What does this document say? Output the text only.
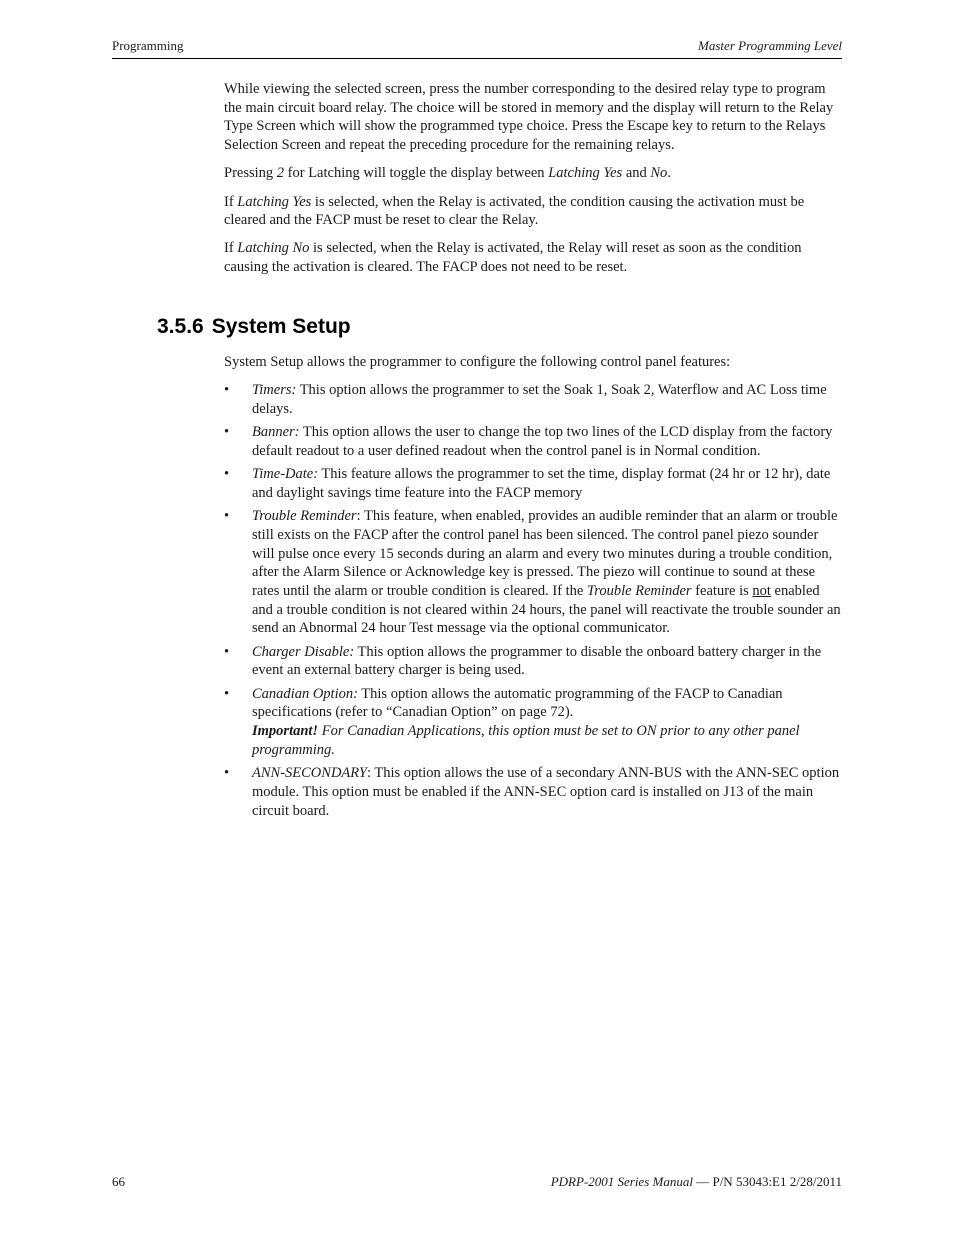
Programming	Master Programming Level

While viewing the selected screen, press the number corresponding to the desired relay type to program the main circuit board relay. The choice will be stored in memory and the display will return to the Relay Type Screen which will show the programmed type choice. Press the Escape key to return to the Relays Selection Screen and repeat the preceding procedure for the remaining relays.

Pressing 2 for Latching will toggle the display between Latching Yes and No.

If Latching Yes is selected, when the Relay is activated, the condition causing the activation must be cleared and the FACP must be reset to clear the Relay.

If Latching No is selected, when the Relay is activated, the Relay will reset as soon as the condition causing the activation is cleared. The FACP does not need to be reset.

3.5.6 System Setup

System Setup allows the programmer to configure the following control panel features:

• Timers: This option allows the programmer to set the Soak 1, Soak 2, Waterflow and AC Loss time delays.
• Banner: This option allows the user to change the top two lines of the LCD display from the factory default readout to a user defined readout when the control panel is in Normal condition.
• Time-Date: This feature allows the programmer to set the time, display format (24 hr or 12 hr), date and daylight savings time feature into the FACP memory
• Trouble Reminder: This feature, when enabled, provides an audible reminder that an alarm or trouble still exists on the FACP after the control panel has been silenced. The control panel piezo sounder will pulse once every 15 seconds during an alarm and every two minutes during a trouble condition, after the Alarm Silence or Acknowledge key is pressed. The piezo will continue to sound at these rates until the alarm or trouble condition is cleared. If the Trouble Reminder feature is not enabled and a trouble condition is not cleared within 24 hours, the panel will reactivate the trouble sounder an send an Abnormal 24 hour Test message via the optional communicator.
• Charger Disable: This option allows the programmer to disable the onboard battery charger in the event an external battery charger is being used.
• Canadian Option: This option allows the automatic programming of the FACP to Canadian specifications (refer to “Canadian Option” on page 72).
Important! For Canadian Applications, this option must be set to ON prior to any other panel programming.
• ANN-SECONDARY: This option allows the use of a secondary ANN-BUS with the ANN-SEC option module. This option must be enabled if the ANN-SEC option card is installed on J13 of the main circuit board.
66	PDRP-2001 Series Manual — P/N 53043:E1 2/28/2011
